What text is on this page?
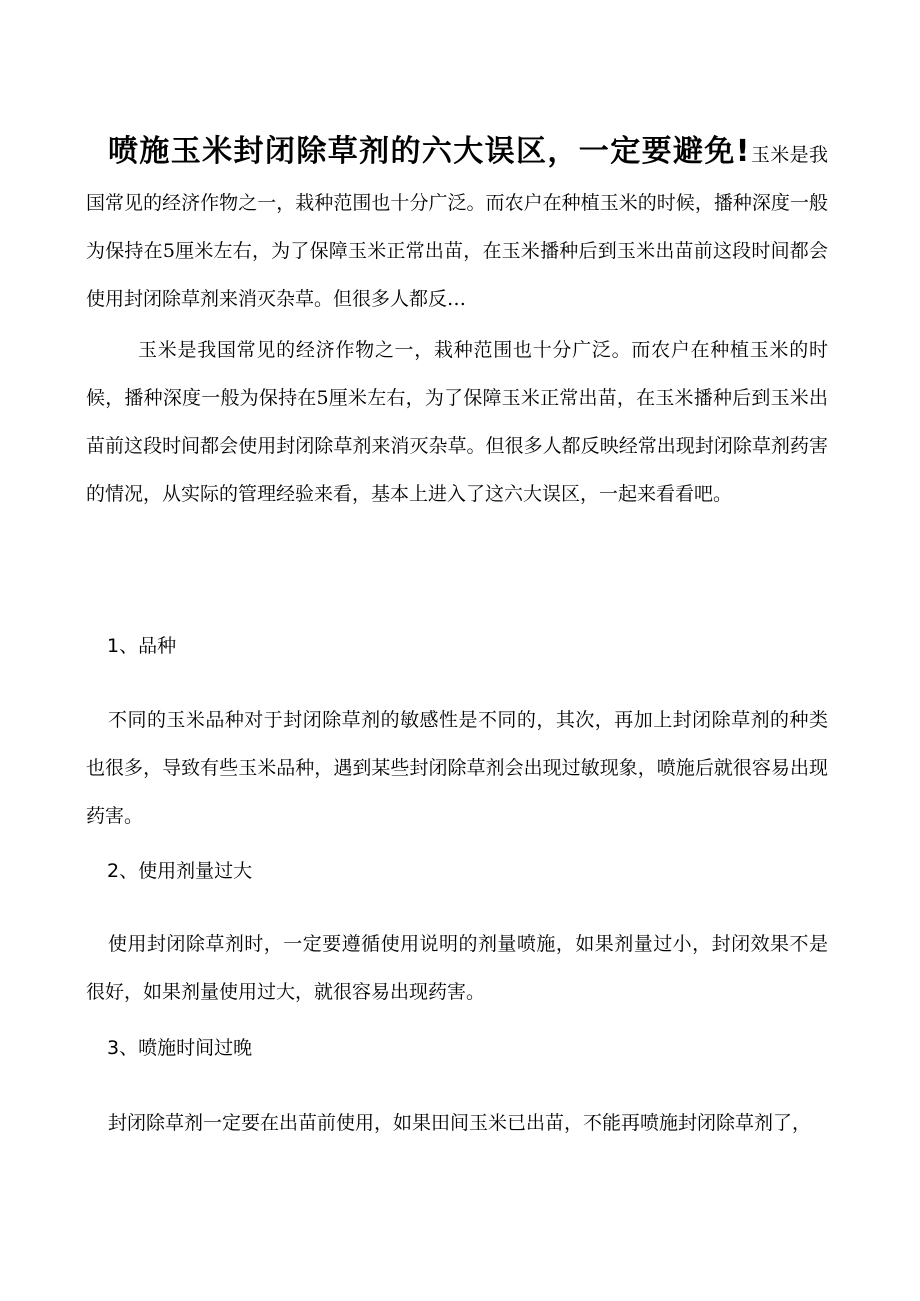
喷施玉米封闭除草剂的六大误区，一定要避免!玉米是我国常见的经济作物之一，栽种范围也十分广泛。而农户在种植玉米的时候，播种深度一般为保持在5厘米左右，为了保障玉米正常出苗，在玉米播种后到玉米出苗前这段时间都会使用封闭除草剂来消灭杂草。但很多人都反…
玉米是我国常见的经济作物之一，栽种范围也十分广泛。而农户在种植玉米的时候，播种深度一般为保持在5厘米左右，为了保障玉米正常出苗，在玉米播种后到玉米出苗前这段时间都会使用封闭除草剂来消灭杂草。但很多人都反映经常出现封闭除草剂药害的情况，从实际的管理经验来看，基本上进入了这六大误区，一起来看看吧。
1、品种
不同的玉米品种对于封闭除草剂的敏感性是不同的，其次，再加上封闭除草剂的种类也很多，导致有些玉米品种，遇到某些封闭除草剂会出现过敏现象，喷施后就很容易出现药害。
2、使用剂量过大
使用封闭除草剂时，一定要遵循使用说明的剂量喷施，如果剂量过小，封闭效果不是很好，如果剂量使用过大，就很容易出现药害。
3、喷施时间过晚
封闭除草剂一定要在出苗前使用，如果田间玉米已出苗，不能再喷施封闭除草剂了，
